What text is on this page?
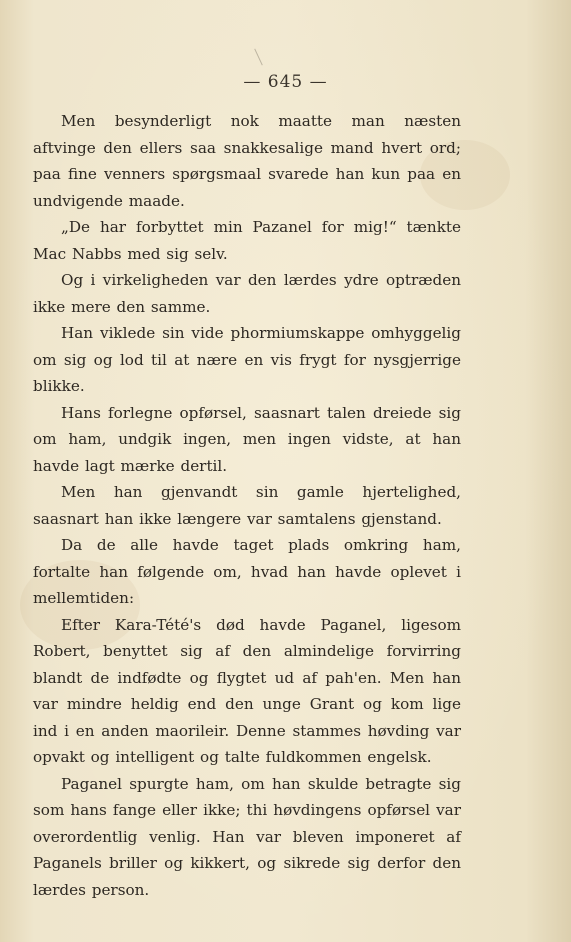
— 645 —

Men besynderligt nok maatte man næsten aftvinge den ellers saa snakkesalige mand hvert ord; paa fine venners spørgsmaal svarede han kun paa en undvigende maade.

„De har forbyttet min Pazanel for mig!“ tænkte Mac Nabbs med sig selv.

Og i virkeligheden var den lærdes ydre optræden ikke mere den samme.

Han viklede sin vide phormiumskappe omhyggelig om sig og lod til at nære en vis frygt for nysgjerrige blikke.

Hans forlegne opførsel, saasnart talen dreiede sig om ham, undgik ingen, men ingen vidste, at han havde lagt mærke dertil.

Men han gjenvandt sin gamle hjertelighed, saasnart han ikke længere var samtalens gjenstand.

Da de alle havde taget plads omkring ham, fortalte han følgende om, hvad han havde oplevet i mellemtiden:

Efter Kara-Tété's død havde Paganel, ligesom Robert, benyttet sig af den almindelige forvirring blandt de indfødte og flygtet ud af pah'en. Men han var mindre heldig end den unge Grant og kom lige ind i en anden maorileir. Denne stammes høvding var opvakt og intelligent og talte fuldkommen engelsk.

Paganel spurgte ham, om han skulde betragte sig som hans fange eller ikke; thi høvdingens opførsel var overordentlig venlig. Han var bleven imponeret af Paganels briller og kikkert, og sikrede sig derfor den lærdes person.
